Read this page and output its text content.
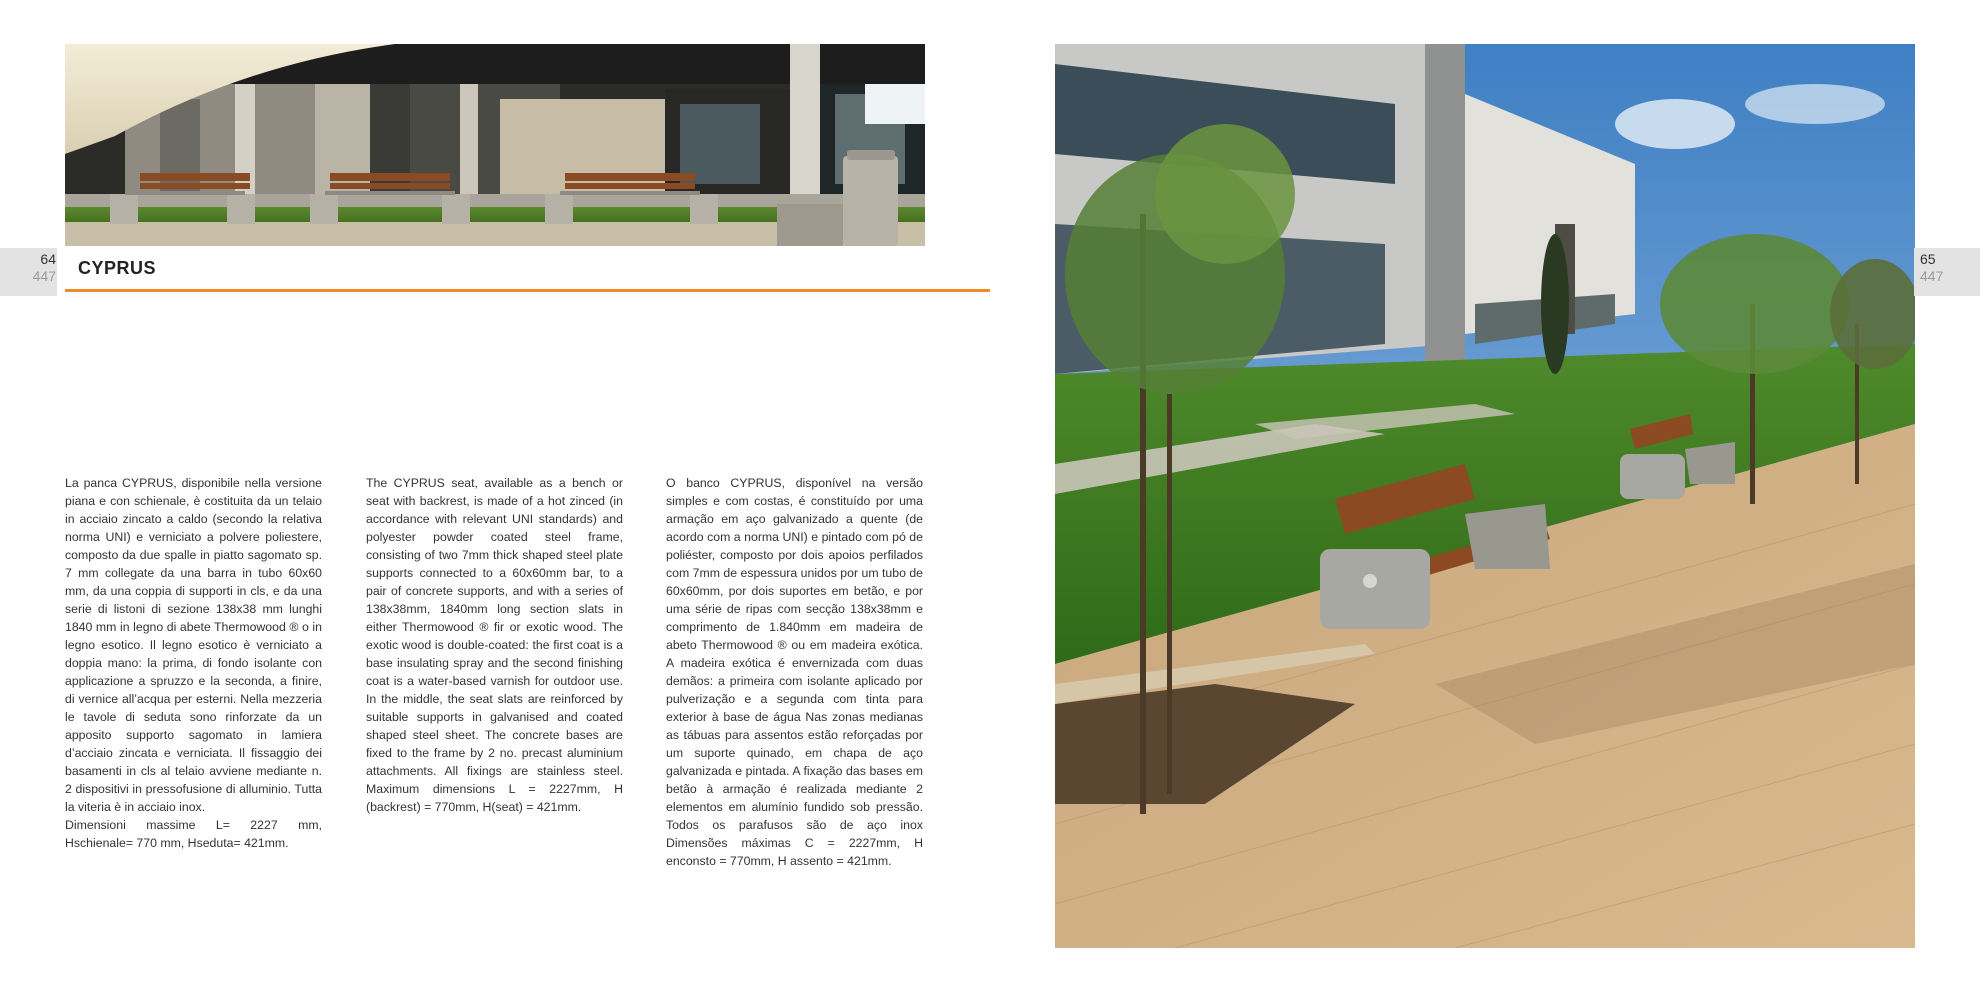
64
447 CYPRUS
La panca CYPRUS, disponibile nella versione piana e con schienale, è costituita da un telaio in acciaio zincato a caldo (secondo la relativa norma UNI) e verniciato a polvere poliestere, composto da due spalle in piatto sagomato sp. 7 mm collegate da una barra in tubo 60x60 mm, da una coppia di supporti in cls, e da una serie di listoni di sezione 138x38 mm lunghi 1840 mm in legno di abete Thermowood ® o in legno esotico. Il legno esotico è verniciato a doppia mano: la prima, di fondo isolante con applicazione a spruzzo e la seconda, a finire, di vernice all’acqua per esterni. Nella mezzeria le tavole di seduta sono rinforzate da un apposito supporto sagomato in lamiera d’acciaio zincata e verniciata. Il fissaggio dei basamenti in cls al telaio avviene mediante n. 2 dispositivi in pressofusione di alluminio. Tutta la viteria è in acciaio inox.
Dimensioni massime L= 2227 mm, Hschienale= 770 mm, Hseduta= 421mm.
The CYPRUS seat, available as a bench or seat with backrest, is made of a hot zinced (in accordance with relevant UNI standards) and polyester powder coated steel frame, consisting of two 7mm thick shaped steel plate supports connected to a 60x60mm bar, to a pair of concrete supports, and with a series of 138x38mm, 1840mm long section slats in either Thermowood ® fir or exotic wood. The exotic wood is double-coated: the first coat is a base insulating spray and the second finishing coat is a water-based varnish for outdoor use. In the middle, the seat slats are reinforced by suitable supports in galvanised and coated shaped steel sheet. The concrete bases are fixed to the frame by 2 no. precast aluminium attachments. All fixings are stainless steel. Maximum dimensions L = 2227mm, H (backrest) = 770mm, H(seat) = 421mm.
O banco CYPRUS, disponível na versão simples e com costas, é constituído por uma armação em aço galvanizado a quente (de acordo com a norma UNI) e pintado com pó de poliéster, composto por dois apoios perfilados com 7mm de espessura unidos por um tubo de 60x60mm, por dois suportes em betão, e por uma série de ripas com secção 138x38mm e comprimento de 1.840mm em madeira de abeto Thermowood ® ou em madeira exótica. A madeira exótica é envernizada com duas demãos: a primeira com isolante aplicado por pulverização e a segunda com tinta para exterior à base de água Nas zonas medianas as tábuas para assentos estão reforçadas por um suporte quinado, em chapa de aço galvanizada e pintada. A fixação das bases em betão à armação é realizada mediante 2 elementos em alumínio fundido sob pressão. Todos os parafusos são de aço inox Dimensões máximas C = 2227mm, H enconsto = 770mm, H assento = 421mm.
65
447
